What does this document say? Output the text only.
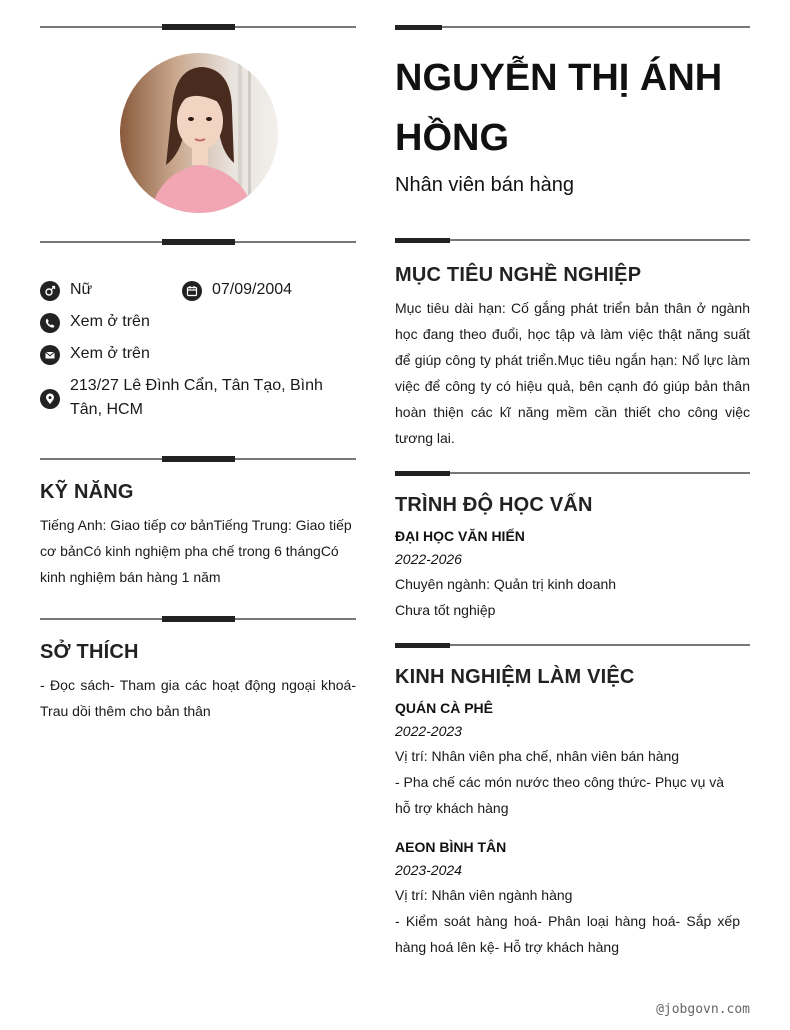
Nữ	07/09/2004
Xem ở trên
Xem ở trên
213/27 Lê Đình Cẩn, Tân Tạo, Bình Tân, HCM
KỸ NĂNG
Tiếng Anh: Giao tiếp cơ bảnTiếng Trung: Giao tiếp cơ bảnCó kinh nghiệm pha chế trong 6 thángCó kinh nghiệm bán hàng 1 năm
SỞ THÍCH
- Đọc sách- Tham gia các hoạt động ngoại khoá- Trau dồi thêm cho bản thân
NGUYỄN THỊ ÁNH HỒNG
Nhân viên bán hàng
MỤC TIÊU NGHỀ NGHIỆP
Mục tiêu dài hạn: Cố gắng phát triển bản thân ở ngành học đang theo đuổi, học tập và làm việc thật năng suất để giúp công ty phát triển.Mục tiêu ngắn hạn: Nổ lực làm việc để công ty có hiệu quả, bên cạnh đó giúp bản thân hoàn thiện các kĩ năng mềm cần thiết cho công việc tương lai.
TRÌNH ĐỘ HỌC VẤN
ĐẠI HỌC VĂN HIẾN
2022-2026
Chuyên ngành: Quản trị kinh doanh
Chưa tốt nghiệp
KINH NGHIỆM LÀM VIỆC
QUÁN CÀ PHÊ
2022-2023
Vị trí: Nhân viên pha chế, nhân viên bán hàng
- Pha chế các món nước theo công thức- Phục vụ và hỗ trợ khách hàng
AEON BÌNH TÂN
2023-2024
Vị trí: Nhân viên ngành hàng
- Kiểm soát hàng hoá- Phân loại hàng hoá- Sắp xếp hàng hoá lên kệ- Hỗ trợ khách hàng
@jobgovn.com
